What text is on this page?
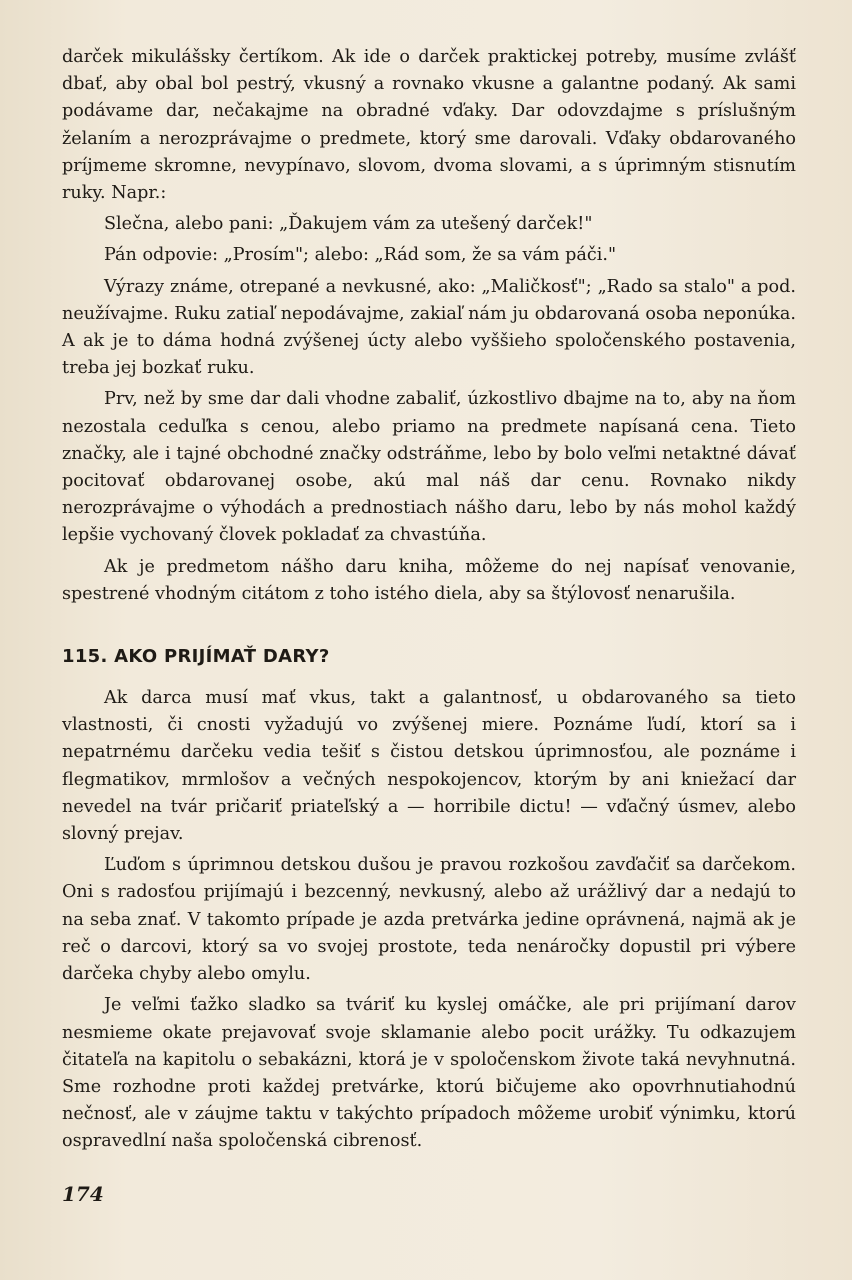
darček mikulášsky čertíkom. Ak ide o darček praktickej potreby, musíme zvlášť dbať, aby obal bol pestrý, vkusný a rovnako vkusne a galantne podaný. Ak sami podávame dar, nečakajme na obradné vďaky. Dar odovzdajme s príslušným želaním a nerozprávajme o predmete, ktorý sme darovali. Vďaky obdarovaného príjmeme skromne, nevypínavo, slovom, dvoma slovami, a s úprimným stisnutím ruky. Napr.:

Slečna, alebo pani: „Ďakujem vám za utešený darček!"

Pán odpovie: „Prosím"; alebo: „Rád som, že sa vám páči."

Výrazy známe, otrepané a nevkusné, ako: „Maličkosť"; „Rado sa stalo" a pod. neužívajme. Ruku zatiaľ nepodávajme, zakiaľ nám ju obdarovaná osoba neponúka. A ak je to dáma hodná zvýšenej úcty alebo vyššieho spoločenského postavenia, treba jej bozkať ruku.

Prv, než by sme dar dali vhodne zabaliť, úzkostlivo dbajme na to, aby na ňom nezostala ceduľka s cenou, alebo priamo na predmete napísaná cena. Tieto značky, ale i tajné obchodné značky odstráňme, lebo by bolo veľmi netaktné dávať pocitovať obdarovanej osobe, akú mal náš dar cenu. Rovnako nikdy nerozprávajme o výhodách a prednostiach nášho daru, lebo by nás mohol každý lepšie vychovaný človek pokladať za chvastúňa.

Ak je predmetom nášho daru kniha, môžeme do nej napísať venovanie, spestrené vhodným citátom z toho istého diela, aby sa štýlovosť nenarušila.

115. AKO PRIJÍMAŤ DARY?

Ak darca musí mať vkus, takt a galantnosť, u obdarovaného sa tieto vlastnosti, či cnosti vyžadujú vo zvýšenej miere. Poznáme ľudí, ktorí sa i nepatrnému darčeku vedia tešiť s čistou detskou úprimnosťou, ale poznáme i flegmatikov, mrmlošov a večných nespokojencov, ktorým by ani kniežací dar nevedel na tvár pričariť priateľský a — horribile dictu! — vďačný úsmev, alebo slovný prejav.

Ľuďom s úprimnou detskou dušou je pravou rozkošou zavďačiť sa darčekom. Oni s radosťou prijímajú i bezcenný, nevkusný, alebo až urážlivý dar a nedajú to na seba znať. V takomto prípade je azda pretvárka jedine oprávnená, najmä ak je reč o darcovi, ktorý sa vo svojej prostote, teda nenáročky dopustil pri výbere darčeka chyby alebo omylu.

Je veľmi ťažko sladko sa tváriť ku kyslej omáčke, ale pri prijímaní darov nesmieme okate prejavovať svoje sklamanie alebo pocit urážky. Tu odkazujem čitateľa na kapitolu o sebakázni, ktorá je v spoločenskom živote taká nevyhnutná. Sme rozhodne proti každej pretvárke, ktorú bičujeme ako opovrhnutiahodnú nečnosť, ale v záujme taktu v takýchto prípadoch môžeme urobiť výnimku, ktorú ospravedlní naša spoločenská cibrenosť.

174
